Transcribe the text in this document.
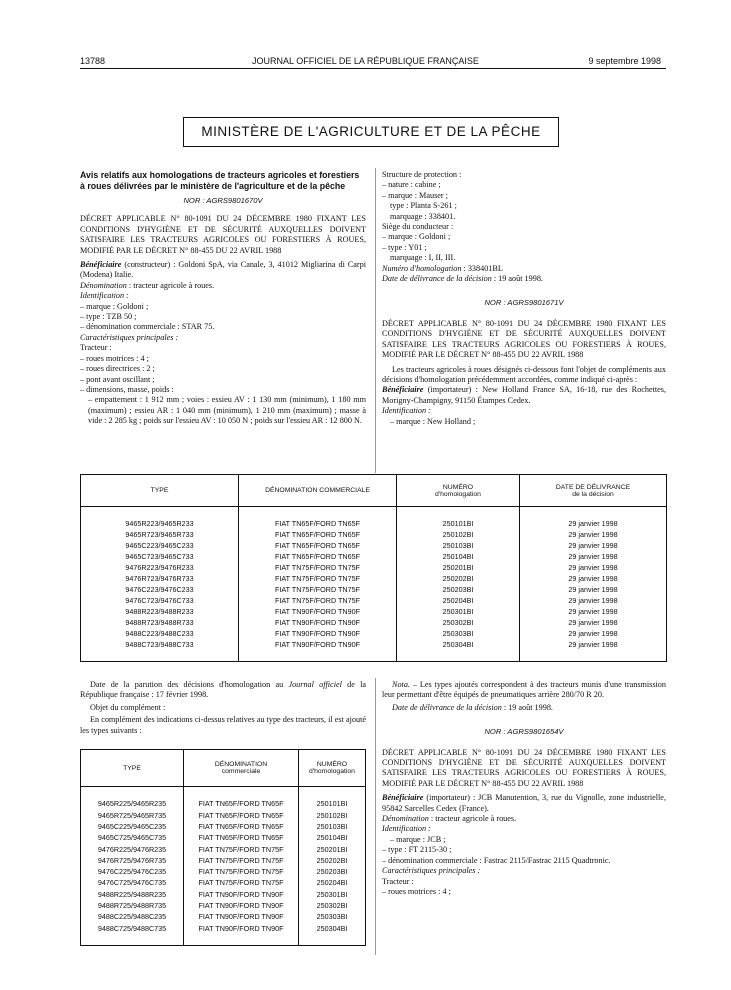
13788	JOURNAL OFFICIEL DE LA RÉPUBLIQUE FRANÇAISE	9 septembre 1998
MINISTÈRE DE L'AGRICULTURE ET DE LA PÊCHE

Avis relatifs aux homologations de tracteurs agricoles et forestiers à roues délivrées par le ministère de l'agriculture et de la pêche

NOR : AGRS9801670V

DÉCRET APPLICABLE N° 80-1091 DU 24 DÉCEMBRE 1980 FIXANT LES CONDITIONS D'HYGIÈNE ET DE SÉCURITÉ AUXQUELLES DOIVENT SATISFAIRE LES TRACTEURS AGRICOLES OU FORESTIERS À ROUES, MODIFIÉ PAR LE DÉCRET N° 88-455 DU 22 AVRIL 1988

Bénéficiaire (constructeur) : Goldoni SpA, via Canale, 3, 41012 Migliarina di Carpi (Modena) Italie.

Dénomination : tracteur agricole à roues.

Identification :

– marque : Goldoni ;

– type : TZB 50 ;

– dénomination commerciale : STAR 75.

Caractéristiques principales :

Tracteur :

– roues motrices : 4 ;

– roues directrices : 2 ;

– pont avant oscillant ;

– dimensions, masse, poids :

– empattement : 1 912 mm ; voies : essieu AV : 1 130 mm (minimum), 1 180 mm (maximum) ; essieu AR : 1 040 mm (minimum), 1 210 mm (maximum) ; masse à vide : 2 285 kg ; poids sur l'essieu AV : 10 050 N ; poids sur l'essieu AR : 12 800 N.

Structure de protection :

– nature : cabine ;

– marque : Mauser ;

type : Planta S-261 ;

marquage : 338401.

Siège du conducteur :

– marque : Goldoni ;

– type : Y01 ;

marquage : I, II, III.

Numéro d'homologation : 338401BL

Date de délivrance de la décision : 19 août 1998.

NOR : AGRS9801671V

DÉCRET APPLICABLE N° 80-1091 DU 24 DÉCEMBRE 1980 FIXANT LES CONDITIONS D'HYGIÈNE ET DE SÉCURITÉ AUXQUELLES DOIVENT SATISFAIRE LES TRACTEURS AGRICOLES OU FORESTIERS À ROUES, MODIFIÉ PAR LE DÉCRET N° 88-455 DU 22 AVRIL 1988

Les tracteurs agricoles à roues désignés ci-dessous font l'objet de compléments aux décisions d'homologation précédemment accordées, comme indiqué ci-après :

Bénéficiaire (importateur) : New Holland France SA, 16-18, rue des Rochettes, Morigny-Champigny, 91150 Étampes Cedex.

Identification :

– marque : New Holland ;

TYPE	DÉNOMINATION COMMERCIALE	NUMÉRO
d'homologation	DATE DE DÉLIVRANCE
de la décision

9465R223/9465R233	FIAT TN65F/FORD TN65F	250101BI	29 janvier 1998
9465R723/9465R733	FIAT TN65F/FORD TN65F	250102BI	29 janvier 1998
9465C223/9465C233	FIAT TN65F/FORD TN65F	250103BI	29 janvier 1998
9465C723/9465C733	FIAT TN65F/FORD TN65F	250104BI	29 janvier 1998
9476R223/9476R233	FIAT TN75F/FORD TN75F	250201BI	29 janvier 1998
9476R723/9476R733	FIAT TN75F/FORD TN75F	250202BI	29 janvier 1998
9476C223/9476C233	FIAT TN75F/FORD TN75F	250203BI	29 janvier 1998
9476C723/9476C733	FIAT TN75F/FORD TN75F	250204BI	29 janvier 1998
9488R223/9488R233	FIAT TN90F/FORD TN90F	250301BI	29 janvier 1998
9488R723/9488R733	FIAT TN90F/FORD TN90F	250302BI	29 janvier 1998
9488C223/9488C233	FIAT TN90F/FORD TN90F	250303BI	29 janvier 1998
9488C723/9488C733	FIAT TN90F/FORD TN90F	250304BI	29 janvier 1998

Date de la parution des décisions d'homologation au Journal officiel de la République française : 17 février 1998.

Objet du complément :

En complément des indications ci-dessus relatives au type des tracteurs, il est ajouté les types suivants :

TYPE	DÉNOMINATION
commerciale	NUMÉRO
d'homologation

9465R225/9465R235	FIAT TN65F/FORD TN65F	250101BI
9465R725/9465R735	FIAT TN65F/FORD TN65F	250102BI
9465C225/9465C235	FIAT TN65F/FORD TN65F	250103BI
9465C725/9465C735	FIAT TN65F/FORD TN65F	250104BI
9476R225/9476R235	FIAT TN75F/FORD TN75F	250201BI
9476R725/9476R735	FIAT TN75F/FORD TN75F	250202BI
9476C225/9476C235	FIAT TN75F/FORD TN75F	250203BI
9476C725/9476C735	FIAT TN75F/FORD TN75F	250204BI
9488R225/9488R235	FIAT TN90F/FORD TN90F	250301BI
9488R725/9488R735	FIAT TN90F/FORD TN90F	250302BI
9488C225/9488C235	FIAT TN90F/FORD TN90F	250303BI
9488C725/9488C735	FIAT TN90F/FORD TN90F	250304BI

Nota. – Les types ajoutés correspondent à des tracteurs munis d'une transmission leur permettant d'être équipés de pneumatiques arrière 280/70 R 20.

Date de délivrance de la décision : 19 août 1998.

NOR : AGRS9801654V

DÉCRET APPLICABLE N° 80-1091 DU 24 DÉCEMBRE 1980 FIXANT LES CONDITIONS D'HYGIÈNE ET DE SÉCURITÉ AUXQUELLES DOIVENT SATISFAIRE LES TRACTEURS AGRICOLES OU FORESTIERS À ROUES, MODIFIÉ PAR LE DÉCRET N° 88-455 DU 22 AVRIL 1988

Bénéficiaire (importateur) : JCB Manutention, 3, rue du Vignolle, zone industrielle, 95842 Sarcelles Cedex (France).

Dénomination : tracteur agricole à roues.

Identification :

– marque : JCB ;

– type : FT 2115-30 ;

– dénomination commerciale : Fastrac 2115/Fastrac 2115 Quadtronic.

Caractéristiques principales :

Tracteur :

– roues motrices : 4 ;
